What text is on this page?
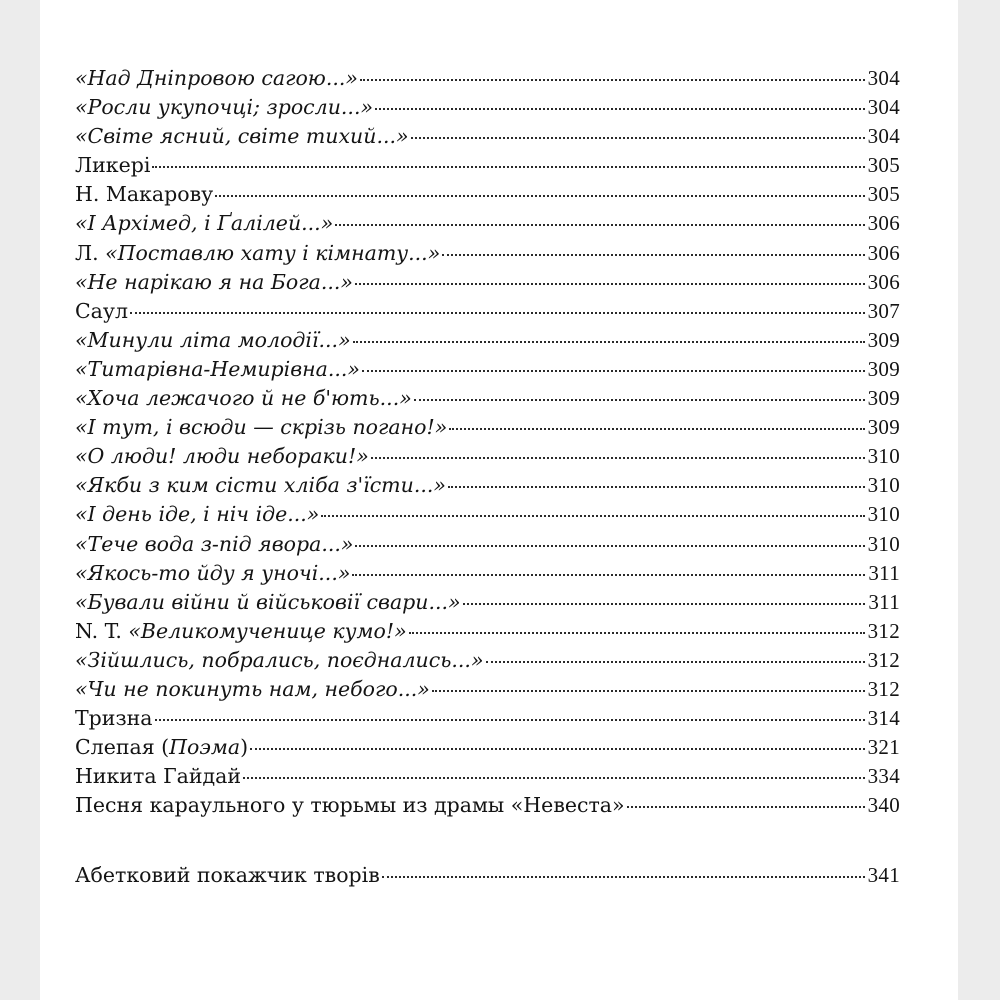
«Над Дніпровою сагою...»	304
«Росли укупочці; зросли...»	304
«Світе ясний, світе тихий...»	304
Ликері	305
Н. Макарову	305
«І Архімед, і Ґалілей...»	306
Л. «Поставлю хату і кімнату...»	306
«Не нарікаю я на Бога...»	306
Саул	307
«Минули літа молодії...»	309
«Титарівна-Немирівна...»	309
«Хоча лежачого й не б'ють...»	309
«І тут, і всюди — скрізь погано!»	309
«О люди! люди небораки!»	310
«Якби з ким сісти хліба з'їсти...»	310
«І день іде, і ніч іде...»	310
«Тече вода з-під явора...»	310
«Якось-то йду я уночі...»	311
«Бували війни й військовії свари...»	311
N. T. «Великомученице кумо!»	312
«Зійшлись, побрались, поєднались...»	312
«Чи не покинуть нам, небого...»	312
Тризна	314
Слепая (Поэма)	321
Никита Гайдай	334
Песня караульного у тюрьмы из драмы «Невеста»	340
Абетковий покажчик творів	341
